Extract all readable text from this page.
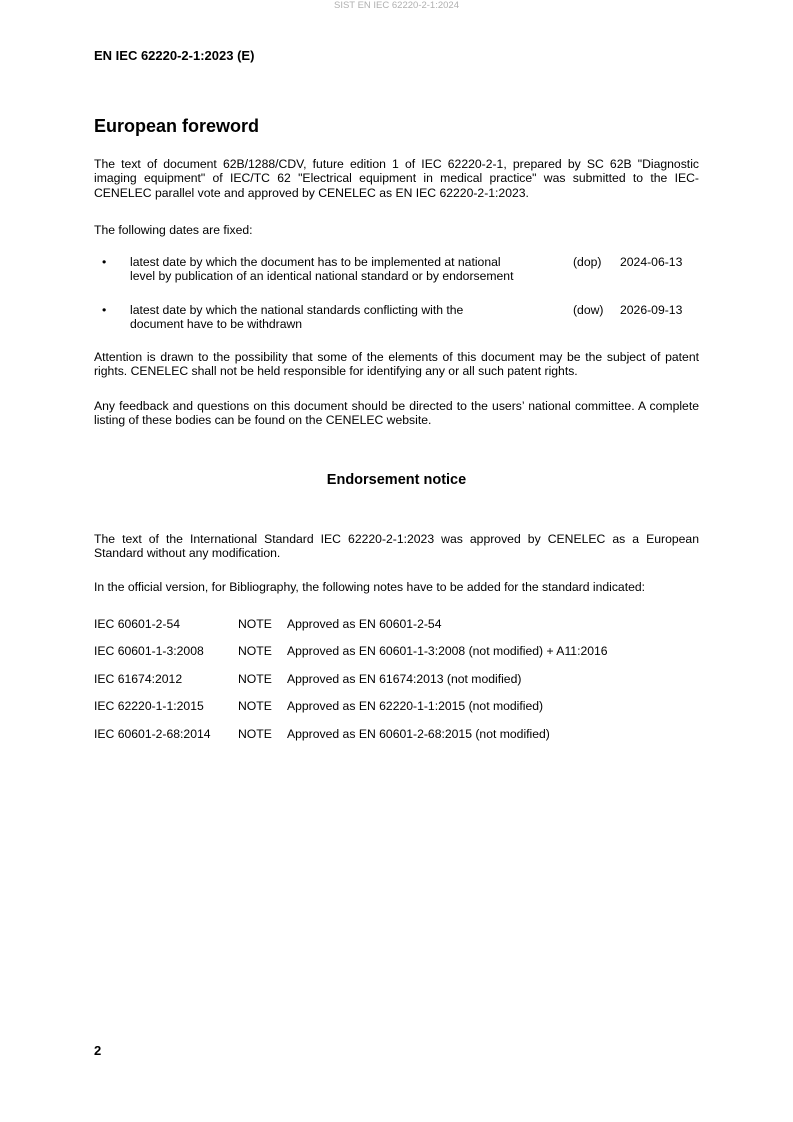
SIST EN IEC 62220-2-1:2024
EN IEC 62220-2-1:2023 (E)
European foreword

The text of document 62B/1288/CDV, future edition 1 of IEC 62220-2-1, prepared by SC 62B "Diagnostic imaging equipment" of IEC/TC 62 "Electrical equipment in medical practice" was submitted to the IEC-CENELEC parallel vote and approved by CENELEC as EN IEC 62220-2-1:2023.

The following dates are fixed:

• latest date by which the document has to be implemented at national
level by publication of an identical national standard or by endorsement
(dop) 2024-06-13
• latest date by which the national standards conflicting with the
document have to be withdrawn
(dow) 2026-09-13

Attention is drawn to the possibility that some of the elements of this document may be the subject of patent rights. CENELEC shall not be held responsible for identifying any or all such patent rights.

Any feedback and questions on this document should be directed to the users’ national committee. A complete listing of these bodies can be found on the CENELEC website.

Endorsement notice

The text of the International Standard IEC 62220-2-1:2023 was approved by CENELEC as a European Standard without any modification.

In the official version, for Bibliography, the following notes have to be added for the standard indicated:

IEC 60601-2-54	NOTE Approved as EN 60601-2-54
IEC 60601-1-3:2008	NOTE Approved as EN 60601-1-3:2008 (not modified) + A11:2016
IEC 61674:2012	NOTE Approved as EN 61674:2013 (not modified)
IEC 62220-1-1:2015	NOTE Approved as EN 62220-1-1:2015 (not modified)
IEC 60601-2-68:2014 NOTE Approved as EN 60601-2-68:2015 (not modified)
2
